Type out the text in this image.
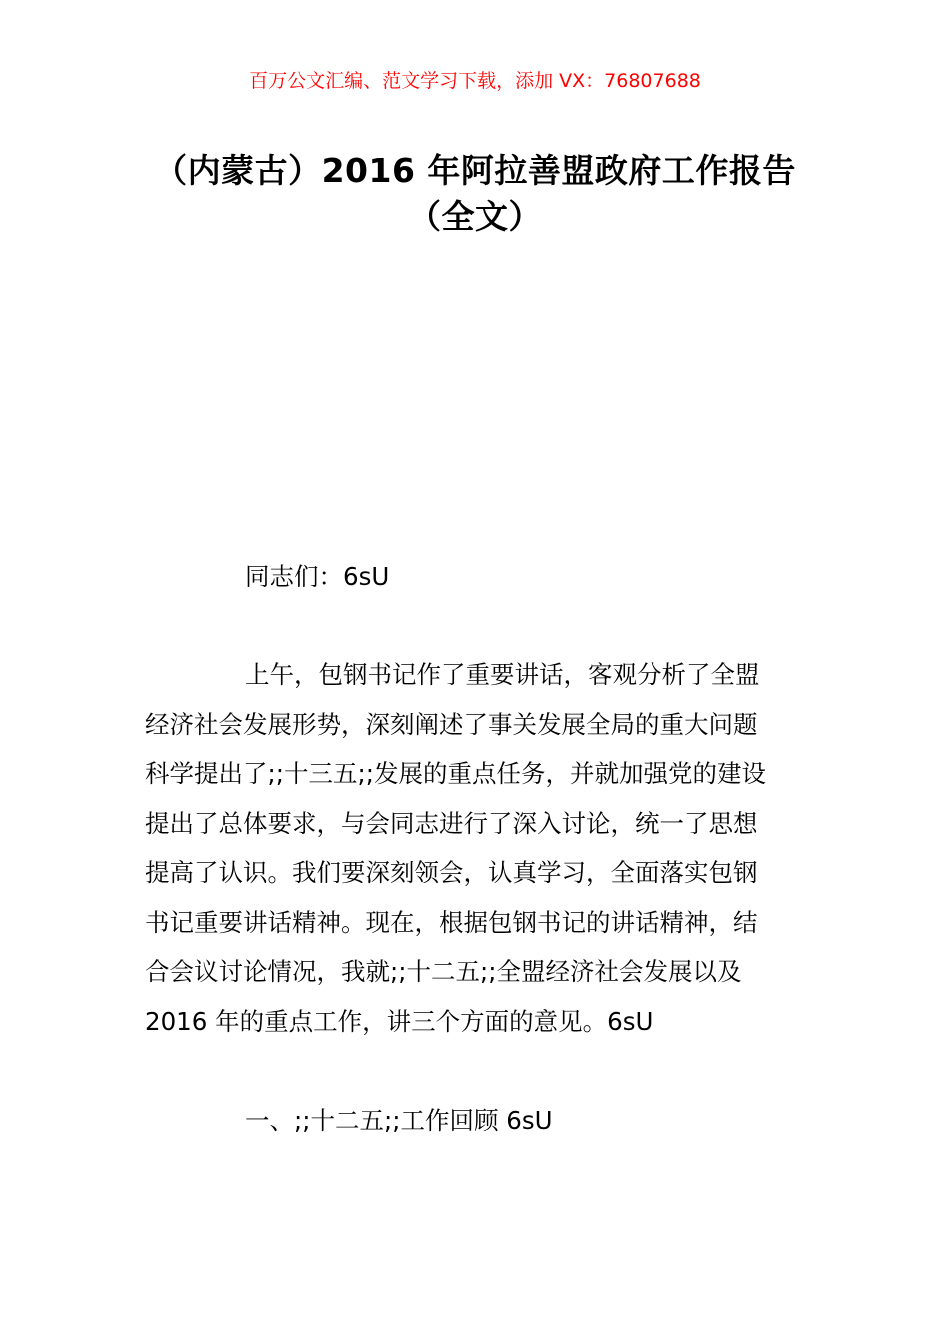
百万公文汇编、范文学习下载，添加 VX：76807688
（内蒙古）2016 年阿拉善盟政府工作报告
（全文）
同志们：6sU
上午，包钢书记作了重要讲话，客观分析了全盟
经济社会发展形势，深刻阐述了事关发展全局的重大问题
科学提出了;;十三五;;发展的重点任务，并就加强党的建设
提出了总体要求，与会同志进行了深入讨论，统一了思想
提高了认识。我们要深刻领会，认真学习，全面落实包钢
书记重要讲话精神。现在，根据包钢书记的讲话精神，结
合会议讨论情况，我就;;十二五;;全盟经济社会发展以及
2016 年的重点工作，讲三个方面的意见。6sU
一、;;十二五;;工作回顾 6sU
